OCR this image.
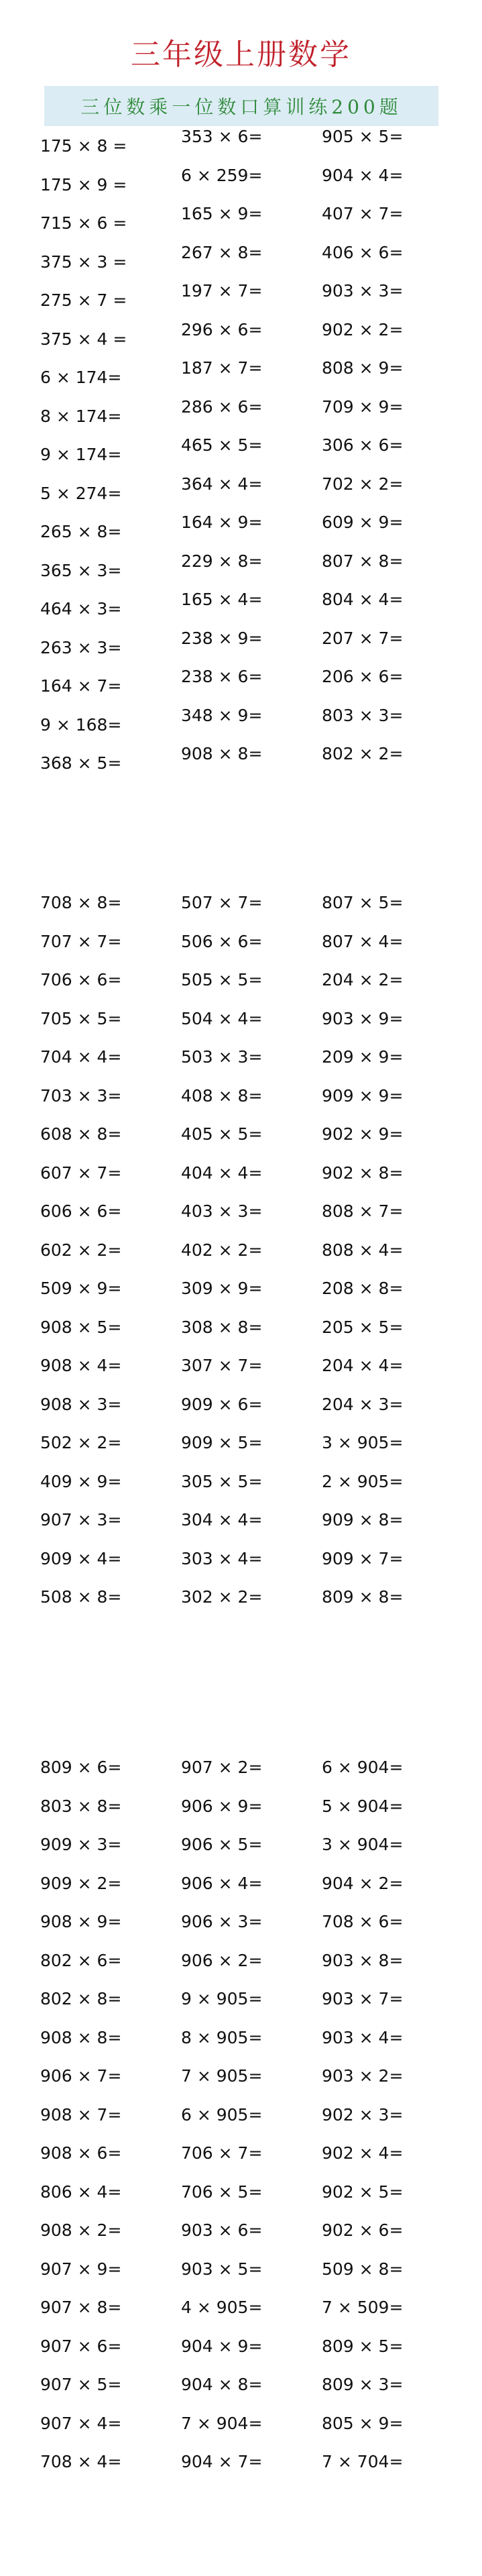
三年级上册数学
三位数乘一位数口算训练200题
175 × 8 =
175 × 9 =
715 × 6 =
375 × 3 =
275 × 7 =
375 × 4 =
6 × 174=
8 × 174=
9 × 174=
5 × 274=
265 × 8=
365 × 3=
464 × 3=
263 × 3=
164 × 7=
9 × 168=
368 × 5=
353 × 6=
6 × 259=
165 × 9=
267 × 8=
197 × 7=
296 × 6=
187 × 7=
286 × 6=
465 × 5=
364 × 4=
164 × 9=
229 × 8=
165 × 4=
238 × 9=
238 × 6=
348 × 9=
908 × 8=
905 × 5=
904 × 4=
407 × 7=
406 × 6=
903 × 3=
902 × 2=
808 × 9=
709 × 9=
306 × 6=
702 × 2=
609 × 9=
807 × 8=
804 × 4=
207 × 7=
206 × 6=
803 × 3=
802 × 2=
708 × 8=
707 × 7=
706 × 6=
705 × 5=
704 × 4=
703 × 3=
608 × 8=
607 × 7=
606 × 6=
602 × 2=
509 × 9=
908 × 5=
908 × 4=
908 × 3=
502 × 2=
409 × 9=
907 × 3=
909 × 4=
508 × 8=
507 × 7=
506 × 6=
505 × 5=
504 × 4=
503 × 3=
408 × 8=
405 × 5=
404 × 4=
403 × 3=
402 × 2=
309 × 9=
308 × 8=
307 × 7=
909 × 6=
909 × 5=
305 × 5=
304 × 4=
303 × 4=
302 × 2=
807 × 5=
807 × 4=
204 × 2=
903 × 9=
209 × 9=
909 × 9=
902 × 9=
902 × 8=
808 × 7=
808 × 4=
208 × 8=
205 × 5=
204 × 4=
204 × 3=
3 × 905=
2 × 905=
909 × 8=
909 × 7=
809 × 8=
809 × 6=
803 × 8=
909 × 3=
909 × 2=
908 × 9=
802 × 6=
802 × 8=
908 × 8=
906 × 7=
908 × 7=
908 × 6=
806 × 4=
908 × 2=
907 × 9=
907 × 8=
907 × 6=
907 × 5=
907 × 4=
708 × 4=
907 × 2=
906 × 9=
906 × 5=
906 × 4=
906 × 3=
906 × 2=
9 × 905=
8 × 905=
7 × 905=
6 × 905=
706 × 7=
706 × 5=
903 × 6=
903 × 5=
4 × 905=
904 × 9=
904 × 8=
7 × 904=
904 × 7=
6 × 904=
5 × 904=
3 × 904=
904 × 2=
708 × 6=
903 × 8=
903 × 7=
903 × 4=
903 × 2=
902 × 3=
902 × 4=
902 × 5=
902 × 6=
509 × 8=
7 × 509=
809 × 5=
809 × 3=
805 × 9=
7 × 704=
